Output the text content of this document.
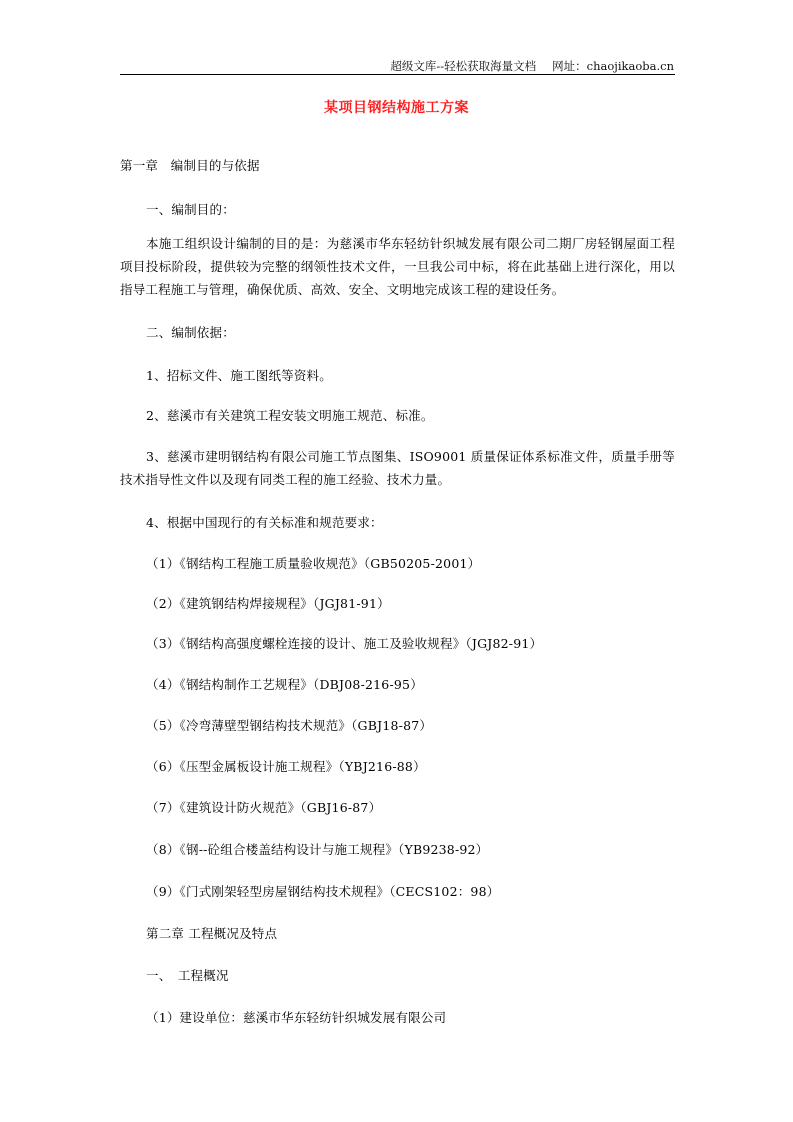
超级文库--轻松获取海量文档 网址：chaojikaoba.cn
某项目钢结构施工方案
第一章　编制目的与依据
一、编制目的：
本施工组织设计编制的目的是：为慈溪市华东轻纺针织城发展有限公司二期厂房轻钢屋面工程项目投标阶段，提供较为完整的纲领性技术文件，一旦我公司中标，将在此基础上进行深化，用以指导工程施工与管理，确保优质、高效、安全、文明地完成该工程的建设任务。
二、编制依据：
1、招标文件、施工图纸等资料。
2、慈溪市有关建筑工程安装文明施工规范、标准。
3、慈溪市建明钢结构有限公司施工节点图集、ISO9001 质量保证体系标准文件，质量手册等技术指导性文件以及现有同类工程的施工经验、技术力量。
4、根据中国现行的有关标准和规范要求：
（1）《钢结构工程施工质量验收规范》（GB50205-2001）
（2）《建筑钢结构焊接规程》（JGJ81-91）
（3）《钢结构高强度螺栓连接的设计、施工及验收规程》（JGJ82-91）
（4）《钢结构制作工艺规程》（DBJ08-216-95）
（5）《冷弯薄壁型钢结构技术规范》（GBJ18-87）
（6）《压型金属板设计施工规程》（YBJ216-88）
（7）《建筑设计防火规范》（GBJ16-87）
（8）《钢--砼组合楼盖结构设计与施工规程》（YB9238-92）
（9）《门式刚架轻型房屋钢结构技术规程》（CECS102：98）
第二章 工程概况及特点
一、　工程概况
（1）建设单位：慈溪市华东轻纺针织城发展有限公司
